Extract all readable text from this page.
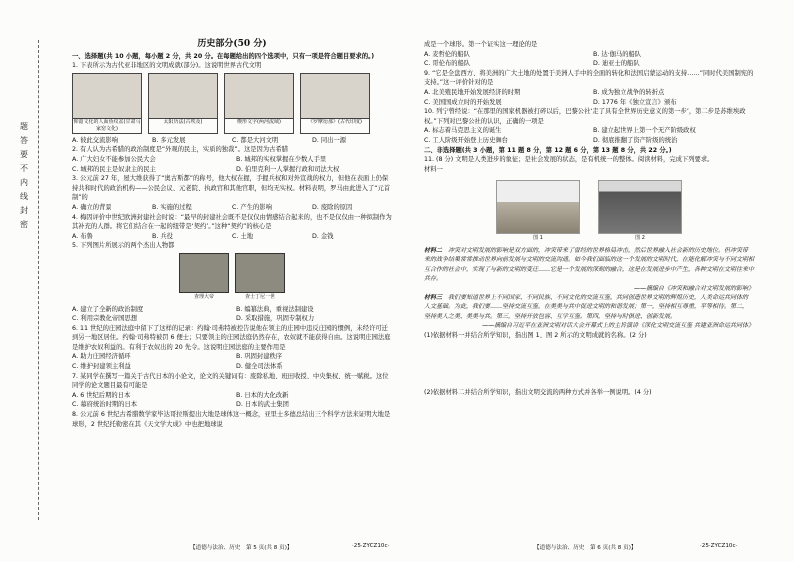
题
答
要
不
内
线
封
密
历史部分(50 分)
一、选择题(共 10 小题，每小题 2 分，共 20 分。在每题给出的四个选项中，只有一项是符合题目要求的。)
1. 下表所示为古代亚非地区的文明成就(部分)。这说明世界古代文明
仰韶文化的人面鱼纹盆(甘肃马家窑文化)
太阳历法(古埃及)	楔形文字(两河流域)	《罗摩衍那》(古代印度)
A. 彼此交流影响	B. 多元发展	C. 都是大河文明	D. 同出一源
2. 有人认为古希腊的政治制度是“外观的民主，实质的独裁”。这是因为古希腊
A. 广大妇女不能参加公民大会	B. 城邦的实权掌握在少数人手里
C. 城邦的民主是奴隶主的民主	D. 伯里克利一人掌握行政和司法大权
3. 公元前 27 年，屋大维获得了“奥古斯都”的称号，他大权在握，手握兵权和对外宣战的权力，但他在表面上仍保持共和时代的政治机构——公民会议、元老院、执政官和其他官职，但均无实权。材料表明，罗马由此进入了“元首制”的
A. 确立的背景	B. 实施的过程	C. 产生的影响	D. 废除的原因
4. 梅因评价中世纪欧洲封建社会时说：“最早的封建社会既不是仅仅由情感结合起来的，也不是仅仅由一种拟制作为其补充的人群。将它们结合在一起的纽带是‘契约’。”这种“契约”的核心是
A. 布鲁	B. 兵役	C. 土地	D. 金钱
5. 下列图片所展示的两个杰出人物都
查理大帝	查士丁尼一世
A. 建立了全新的政治制度	B. 编纂法典，重视法制建设
C. 利用宗教化帝国思想	D. 采取措施，巩固专制权力
6. 11 世纪的庄园法庭中留下了这样的记录：约翰·司弗特被控告说他在领主的庄园中违反庄园的惯例，未经许可迁到另一地区居住。约翰·司弗特被罚 6 便士；只要领主的庄园法庭仍然存在，农奴就不能获得自由。这说明庄园法庭是维护农奴利益的。有利于农奴出的 20 先令。这说明庄园法庭的主要作用是
A. 助力庄园经济循环	B. 巩固封建秩序
C. 维护封建领主利益	D. 健全司法体系
7. 某同学在撰写一篇关于古代日本的小论文，论文的关键词有：废除私地、班田收授、中央集权、统一赋税。这位同学的论文题目最有可能是
A. 6 世纪后期的日本	B. 日本的大化改新
C. 幕府统治时期的日本	D. 日本的武士集团
8. 公元前 6 世纪古希腊数学家毕达哥拉斯提出大地是球体这一概念，亚里士多德总结出三个科学方法来证明大地是球形，2 世纪托勒密在其《天文学大成》中也把地球说
【道德与法治、历史　第 5 页(共 8 页)】	·25·ZYCZ10c·
成是一个球形。第一个证实这一理论的是
A. 麦哲伦的船队	B. 达·伽马的船队
C. 哥伦布的船队	D. 迪亚士的船队
9. “它是全盘西方、将美洲的广大土地的处置于美洲人手中的全面的转化和法国启蒙运动的支持……”同时代美国制宪的支持。”这一评价针对的是
A. 北美殖民地开始发展经济的时期	B. 成为独立战争的转折点
C. 美国国成立时的开始发展	D. 1776 年《独立宣言》颁布
10. 列宁曾经说：“在那里的国家机器被打碎以后，巴黎公社‘走了具有全世界历史意义的第一步’，第二步是苏维埃政权。”下列对巴黎公社的认识，正确的一项是
A. 标志着马克思主义的诞生	B. 建立起世界上第一个无产阶级政权
C. 工人阶级开始登上历史舞台	D. 彻底推翻了资产阶级的统治
二、非选择题(共 3 小题，第 11 题 8 分，第 12 题 6 分，第 13 题 8 分，共 22 分。)
11. (8 分) 文明是人类进步的象征；是社会发展的状态，是有机统一的整体。阅读材料，完成下列要求。
材料一
图 1	图 2
材料二　 冲突对文明发展的影响是双方面的，冲突带来了曾经的世界格局冲击，然后世界融入社会新的历史地位。但冲突带来的战争结果常常推动世界向前发展与文明的交流沟通。如今我们面临的这一个发展的文明时代，在能化解冲突与不同文明相互合作的社会中，实现了与新的文明的变迁……它是一个发展的深刻的融合，这是在发展进步中产生，各种文明在文明往来中共存。
——摘编自《冲突和融合对文明发展的影响》
材料三　 我们要知道世界上不同国家、不同民族、不同文化的交流互鉴，共同创造世界文明的辉煌历史，人类命运共同体的人文基础。为此，我们要……坚持交流互鉴，在美美与共中促进文明的和谐发展；第一，坚持相互尊重，平等相待。第二，坚持美人之美、美美与共。第三，坚持开放包容、互学互鉴。第四，坚持与时俱进、创新发展。
——摘编自习近平在亚洲文明对话大会开幕式上的主旨演讲《深化文明交流互鉴 共建亚洲命运共同体》
(1)依据材料一并结合所学知识，指出图 1、图 2 所示的文明成就的名称。(2 分)
(2)依据材料二并结合所学知识，指出文明交流的两种方式并各举一例说明。(4 分)
【道德与法治、历史　第 6 页(共 8 页)】	·25·ZYCZ10c·
